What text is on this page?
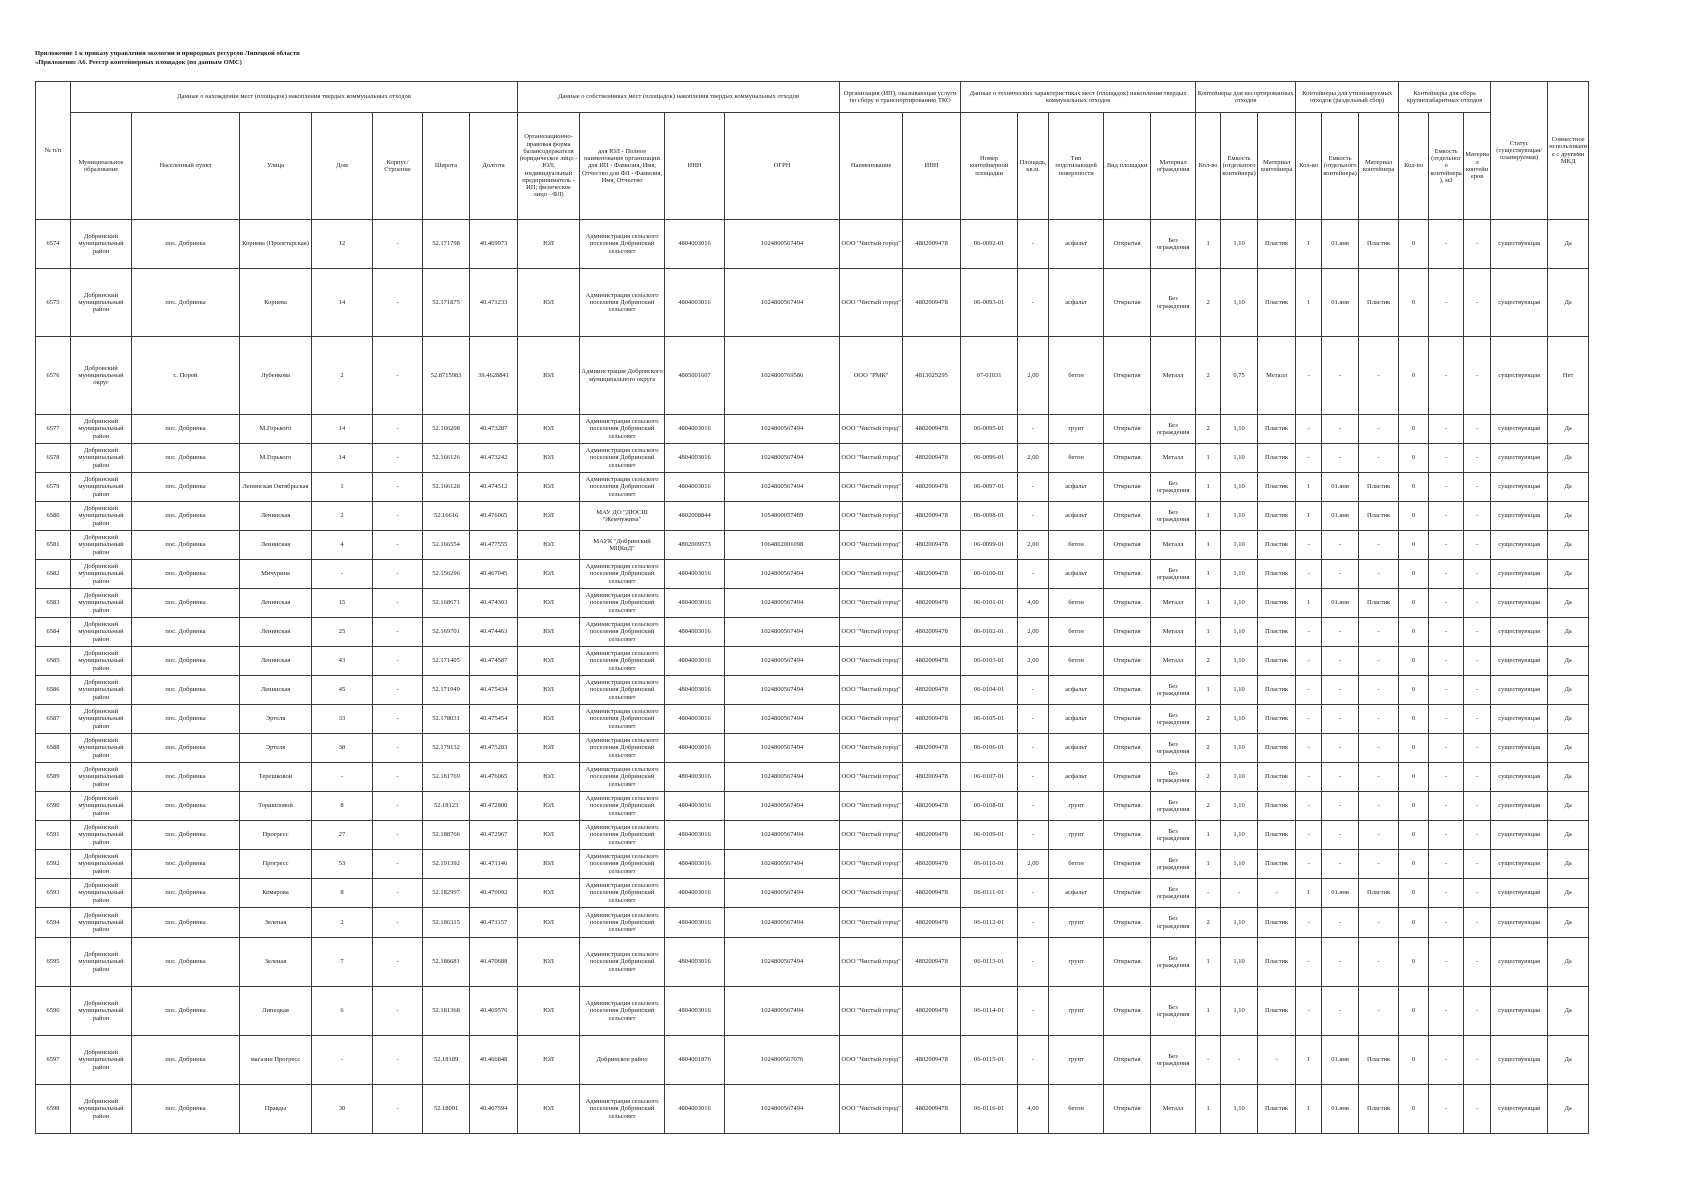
Приложение 1 к приказу управления экологии и природных ресурсов Липецкой области
«Приложение А6. Реестр контейнерных площадок (по данным ОМС)
№ п/п	Данные о нахождении мест (площадок) накопления твердых коммунальных отходов							Данные о собственниках мест (площадок) накопления твердых коммунальных отходов				Организация (ИП), оказывающая услуги по сбору и транспортированию ТКО		Данные о технических характеристиках мест (площадок) накопления твердых коммунальных отходов					Контейнеры для несортированных отходов			Контейнеры для утилизируемых отходов (раздельный сбор)			Контейнеры для сбора крупногабаритных отходов			Статус (существующая/планируемая)	Совместное использование с другими МКД
	Муниципальное образование	Населенный пункт	Улица	Дом	Корпус/Строение	Широта	Долгота	Организационно-правовая форма балансодержателя (юридическое лицо - ЮЛ; индивидуальный предприниматель - ИП; физическое лицо - ФЛ)	для ЮЛ - Полное наименование организации для ИП - Фамилия, Имя, Отчество для ФЛ - Фамилия, Имя, Отчество	ИНН	ОГРН	Наименование	ИНН	Номер контейнерной площадки	Площадь, кв.м.	Тип подстилающей поверхности	Вид площадки	Материал ограждения	Кол-во	Емкость (отдельного контейнера)	Материал контейнера	Кол-во	Емкость (отдельного контейнера)	Материал контейнера	Кол-во	Емкость (отдельного контейнера), м3	Материал контейнеров		
6574	Добринский муниципальный район	пос. Добринка	Корнева (Пролетарская)	12	-	52.171798	40.469973	ЮЛ	Администрация сельского поселения Добринский сельсовет	4804003016	1024800567494	ООО "Чистый город"	4802009478	06-0092-01	-	асфальт	Открытая	Без ограждения	1	1,10	Пластик	1	01.янв	Пластик	0	-	-	существующая	Да
6575	Добринский муниципальный район	пос. Добринка	Корнева	14	-	52.171875	40.471233	ЮЛ	Администрация сельского поселения Добринский сельсовет	4804003016	1024800567494	ООО "Чистый город"	4802009478	06-0093-01	-	асфальт	Открытая	Без ограждения	2	1,10	Пластик	1	01.янв	Пластик	0	-	-	существующая	Да
6576	Добровский муниципальный округ	с. Порой	Лубенкова	2	-	52.8715983	39.4628841	ЮЛ	Администрация Добровского муниципального округа	4805001607	1024800769586	ООО "РМК"	4813025295	07-01031	2,00	бетон	Открытая	Металл	2	0,75	Металл	-	-	-	0	-	-	существующая	Нет
6577	Добринский муниципальный район	пос. Добринка	М.Горького	14	-	52.166208	40.473287	ЮЛ	Администрация сельского поселения Добринский сельсовет	4804003016	1024800567494	ООО "Чистый город"	4802009478	06-0095-01	-	грунт	Открытая	Без ограждения	2	1,10	Пластик	-	-	-	0	-	-	существующая	Да
6578	Добринский муниципальный район	пос. Добринка	М.Горького	14	-	52.166126	40.473242	ЮЛ	Администрация сельского поселения Добринский сельсовет	4804003016	1024800567494	ООО "Чистый город"	4802009478	06-0096-01	2,00	бетон	Открытая	Металл	1	1,10	Пластик	-	-	-	0	-	-	существующая	Да
6579	Добринский муниципальный район	пос. Добринка	Ленинская Октябрьская	1	-	52.166128	40.474512	ЮЛ	Администрация сельского поселения Добринский сельсовет	4804003016	1024800567494	ООО "Чистый город"	4802009478	06-0097-01	-	асфальт	Открытая	Без ограждения	1	1,10	Пластик	1	01.янв	Пластик	0	-	-	существующая	Да
6580	Добринский муниципальный район	пос. Добринка	Ленинская	2	-	52.16616	40.476065	ЮЛ	МАУ ДО "ДЮСШ "Жемчужина"	4802008844	1054800057489	ООО "Чистый город"	4802009478	06-0098-01	-	асфальт	Открытая	Без ограждения	1	1,10	Пластик	1	01.янв	Пластик	0	-	-	существующая	Да
6581	Добринский муниципальный район	пос. Добринка	Ленинская	4	-	52.166554	40.477555	ЮЛ	МАУК "Добринский МЦКиД"	4802009573	1064802001098	ООО "Чистый город"	4802009478	06-0099-01	2,00	бетон	Открытая	Металл	1	1,10	Пластик	-	-	-	0	-	-	существующая	Да
6582	Добринский муниципальный район	пос. Добринка	Мичурина	-	-	52.156296	40.467045	ЮЛ	Администрация сельского поселения Добринский сельсовет	4804003016	1024800567494	ООО "Чистый город"	4802009478	06-0100-01	-	асфальт	Открытая	Без ограждения	1	1,10	Пластик	-	-	-	0	-	-	существующая	Да
6583	Добринский муниципальный район	пос. Добринка	Ленинская	15	-	52.168671	40.474303	ЮЛ	Администрация сельского поселения Добринский сельсовет	4804003016	1024800567494	ООО "Чистый город"	4802009478	06-0101-01	4,00	бетон	Открытая	Металл	1	1,10	Пластик	1	01.янв	Пластик	0	-	-	существующая	Да
6584	Добринский муниципальный район	пос. Добринка	Ленинская	25	-	52.169701	40.474463	ЮЛ	Администрация сельского поселения Добринский сельсовет	4804003016	1024800567494	ООО "Чистый город"	4802009478	06-0102-01	2,00	бетон	Открытая	Металл	1	1,10	Пластик	-	-	-	0	-	-	существующая	Да
6585	Добринский муниципальный район	пос. Добринка	Ленинская	43	-	52.171405	40.474587	ЮЛ	Администрация сельского поселения Добринский сельсовет	4804003016	1024800567494	ООО "Чистый город"	4802009478	06-0103-01	2,00	бетон	Открытая	Металл	2	1,10	Пластик	-	-	-	0	-	-	существующая	Да
6586	Добринский муниципальный район	пос. Добринка	Ленинская	45	-	52.171949	40.475434	ЮЛ	Администрация сельского поселения Добринский сельсовет	4804003016	1024800567494	ООО "Чистый город"	4802009478	06-0104-01	-	асфальт	Открытая	Без ограждения	1	1,10	Пластик	-	-	-	0	-	-	существующая	Да
6587	Добринский муниципальный район	пос. Добринка	Эртеля	33	-	52.178031	40.475454	ЮЛ	Администрация сельского поселения Добринский сельсовет	4804003016	1024800567494	ООО "Чистый город"	4802009478	06-0105-01	-	асфальт	Открытая	Без ограждения	2	1,10	Пластик	-	-	-	0	-	-	существующая	Да
6588	Добринский муниципальный район	пос. Добринка	Эртеля	38	-	52.179132	40.475283	ЮЛ	Администрация сельского поселения Добринский сельсовет	4804003016	1024800567494	ООО "Чистый город"	4802009478	06-0106-01	-	асфальт	Открытая	Без ограждения	2	1,10	Пластик	-	-	-	0	-	-	существующая	Да
6589	Добринский муниципальный район	пос. Добринка	Терешковой	-	-	52.181769	40.476065	ЮЛ	Администрация сельского поселения Добринский сельсовет	4804003016	1024800567494	ООО "Чистый город"	4802009478	06-0107-01	-	асфальт	Открытая	Без ограждения	2	1,10	Пластик	-	-	-	0	-	-	существующая	Да
6590	Добринский муниципальный район	пос. Добринка	Торшиловой	8	-	52.18123	40.472800	ЮЛ	Администрация сельского поселения Добринский сельсовет	4804003016	1024800567494	ООО "Чистый город"	4802009478	06-0108-01	-	грунт	Открытая	Без ограждения	2	1,10	Пластик	-	-	-	0	-	-	существующая	Да
6591	Добринский муниципальный район	пос. Добринка	Прогресс	27	-	52.188766	40.472967	ЮЛ	Администрация сельского поселения Добринский сельсовет	4804003016	1024800567494	ООО "Чистый город"	4802009478	06-0109-01	-	грунт	Открытая	Без ограждения	1	1,10	Пластик	-	-	-	0	-	-	существующая	Да
6592	Добринский муниципальный район	пос. Добринка	Прогресс	53	-	52.191392	40.471146	ЮЛ	Администрация сельского поселения Добринский сельсовет	4804003016	1024800567494	ООО "Чистый город"	4802009478	06-0110-01	2,00	бетон	Открытая	Без ограждения	1	1,10	Пластик	-	-	-	0	-	-	существующая	Да
6593	Добринский муниципальный район	пос. Добринка	Комарова	8	-	52.182997	40.470092	ЮЛ	Администрация сельского поселения Добринский сельсовет	4804003016	1024800567494	ООО "Чистый город"	4802009478	06-0111-01	-	асфальт	Открытая	Без ограждения	-	-	-	1	01.янв	Пластик	0	-	-	существующая	Да
6594	Добринский муниципальный район	пос. Добринка	Зеленая	2	-	52.186315	40.471157	ЮЛ	Администрация сельского поселения Добринский сельсовет	4804003016	1024800567494	ООО "Чистый город"	4802009478	06-0112-01	-	грунт	Открытая	Без ограждения	2	1,10	Пластик	-	-	-	0	-	-	существующая	Да
6595	Добринский муниципальный район	пос. Добринка	Зеленая	7	-	52.186681	40.470688	ЮЛ	Администрация сельского поселения Добринский сельсовет	4804003016	1024800567494	ООО "Чистый город"	4802009478	06-0113-01	-	грунт	Открытая	Без ограждения	1	1,10	Пластик	-	-	-	0	-	-	существующая	Да
6596	Добринский муниципальный район	пос. Добринка	Липецкая	6	-	52.181368	40.469576	ЮЛ	Администрация сельского поселения Добринский сельсовет	4804003016	1024800567494	ООО "Чистый город"	4802009478	06-0114-01	-	грунт	Открытая	Без ограждения	1	1,10	Пластик	-	-	-	0	-	-	существующая	Да
6597	Добринский муниципальный район	пос. Добринка	магазин Прогресс	-	-	52.18189	40.466848	ЮЛ	Добринское райпо	4804001876	1024800567076	ООО "Чистый город"	4802009478	06-0115-01	-	грунт	Открытая	Без ограждения	-	-	-	1	01.янв	Пластик	0	-	-	существующая	Да
6598	Добринский муниципальный район	пос. Добринка	Правды	30	-	52.18091	40.467594	ЮЛ	Администрация сельского поселения Добринский сельсовет	4804003016	1024800567494	ООО "Чистый город"	4802009478	06-0116-01	4,00	бетон	Открытая	Металл	1	1,10	Пластик	1	01.янв	Пластик	0	-	-	существующая	Да
